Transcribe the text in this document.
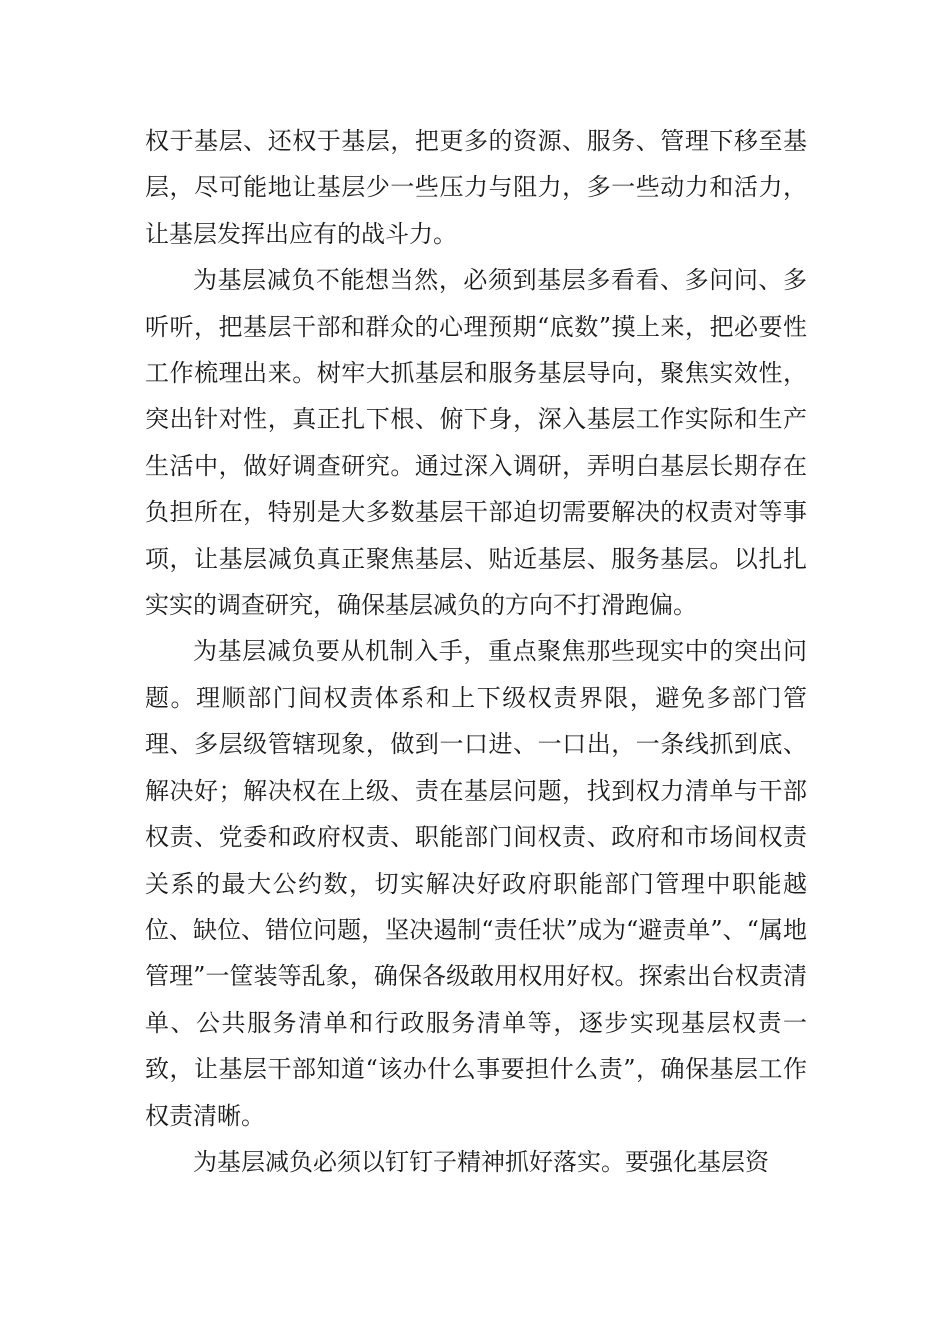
权于基层、还权于基层，把更多的资源、服务、管理下移至基层，尽可能地让基层少一些压力与阻力，多一些动力和活力，让基层发挥出应有的战斗力。

为基层减负不能想当然，必须到基层多看看、多问问、多听听，把基层干部和群众的心理预期“底数”摸上来，把必要性工作梳理出来。树牢大抓基层和服务基层导向，聚焦实效性，突出针对性，真正扎下根、俯下身，深入基层工作实际和生产生活中，做好调查研究。通过深入调研，弄明白基层长期存在负担所在，特别是大多数基层干部迫切需要解决的权责对等事项，让基层减负真正聚焦基层、贴近基层、服务基层。以扎扎实实的调查研究，确保基层减负的方向不打滑跑偏。

为基层减负要从机制入手，重点聚焦那些现实中的突出问题。理顺部门间权责体系和上下级权责界限，避免多部门管理、多层级管辖现象，做到一口进、一口出，一条线抓到底、解决好；解决权在上级、责在基层问题，找到权力清单与干部权责、党委和政府权责、职能部门间权责、政府和市场间权责关系的最大公约数，切实解决好政府职能部门管理中职能越位、缺位、错位问题，坚决遏制“责任状”成为“避责单”、“属地管理”一筐装等乱象，确保各级敢用权用好权。探索出台权责清单、公共服务清单和行政服务清单等，逐步实现基层权责一致，让基层干部知道“该办什么事要担什么责”，确保基层工作权责清晰。

为基层减负必须以钉钉子精神抓好落实。要强化基层资
